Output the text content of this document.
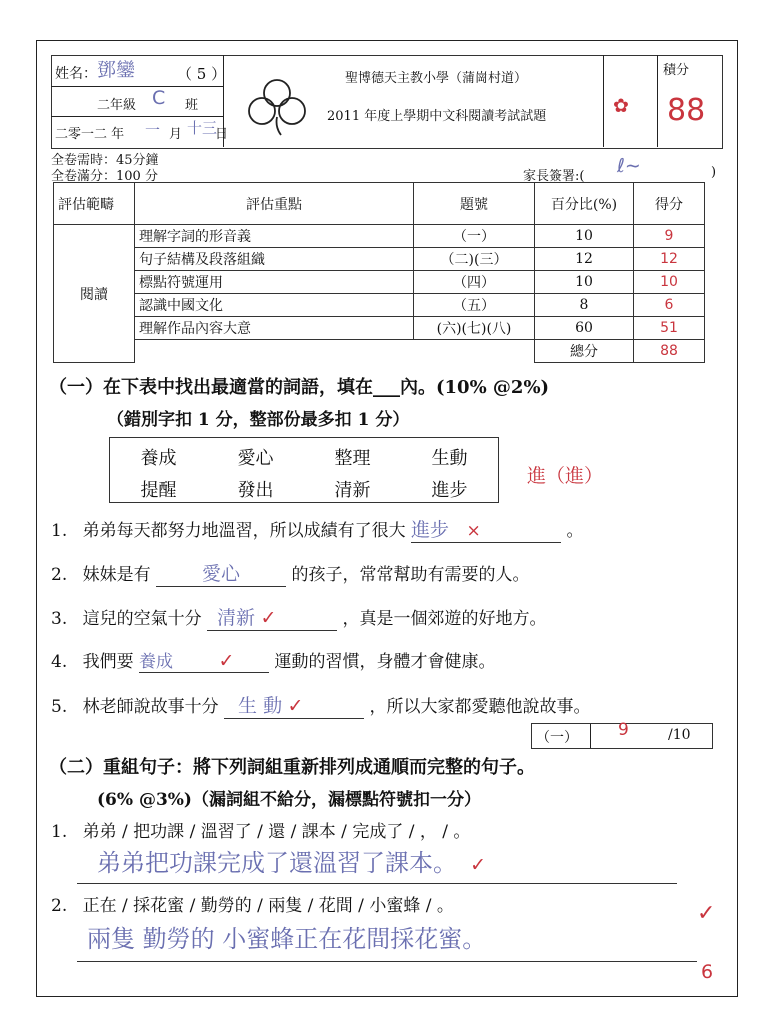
姓名： 鄧鑾	（ 5 ）
二年級 C 班
二零一二 年 一 月 十三
日
聖博德天主教小學（蒲崗村道）
2011 年度上學期中文科閱讀考試試題	✿
積分
88
全卷需時：45分鐘
全卷滿分：100 分	家長簽署:( ℓ∼	)
評估範疇	評估重點	題號	百分比(%)	得分
閱讀	理解字詞的形音義	（一）	10	9
	句子結構及段落組織	（二)(三）	12	12
	標點符號運用	（四）	10	10
	認識中國文化	（五）	8	6
	理解作品內容大意	(六)(七)(八)	60	51
			總分	88
（一）在下表中找出最適當的詞語，填在___內。(10% @2%)
（錯別字扣 1 分，整部份最多扣 1 分）
養成	愛心	整理	生動
提醒	發出	清新	進步
進（進）
1. 弟弟每天都努力地溫習，所以成績有了很大 進步 ×	。
2. 妹妹是有	愛心	的孩子，常常幫助有需要的人。
3. 這兒的空氣十分 清新 ✓	，真是一個郊遊的好地方。
4. 我們要 養成 ✓ 運動的習慣，身體才會健康。
5. 林老師說故事十分 生 動 ✓	，所以大家都愛聽他說故事。
（一） 9	/10
（二）重組句子：將下列詞組重新排列成通順而完整的句子。
(6% @3%)（漏詞組不給分，漏標點符號扣一分）
1. 弟弟 / 把功課 / 溫習了 / 還 / 課本 / 完成了 / ， / 。
弟弟把功課完成了還溫習了課本。 ✓
2. 正在 / 採花蜜 / 勤勞的 / 兩隻 / 花間 / 小蜜蜂 / 。
兩隻 勤勞的 小蜜蜂正在花間採花蜜。
✓
6
